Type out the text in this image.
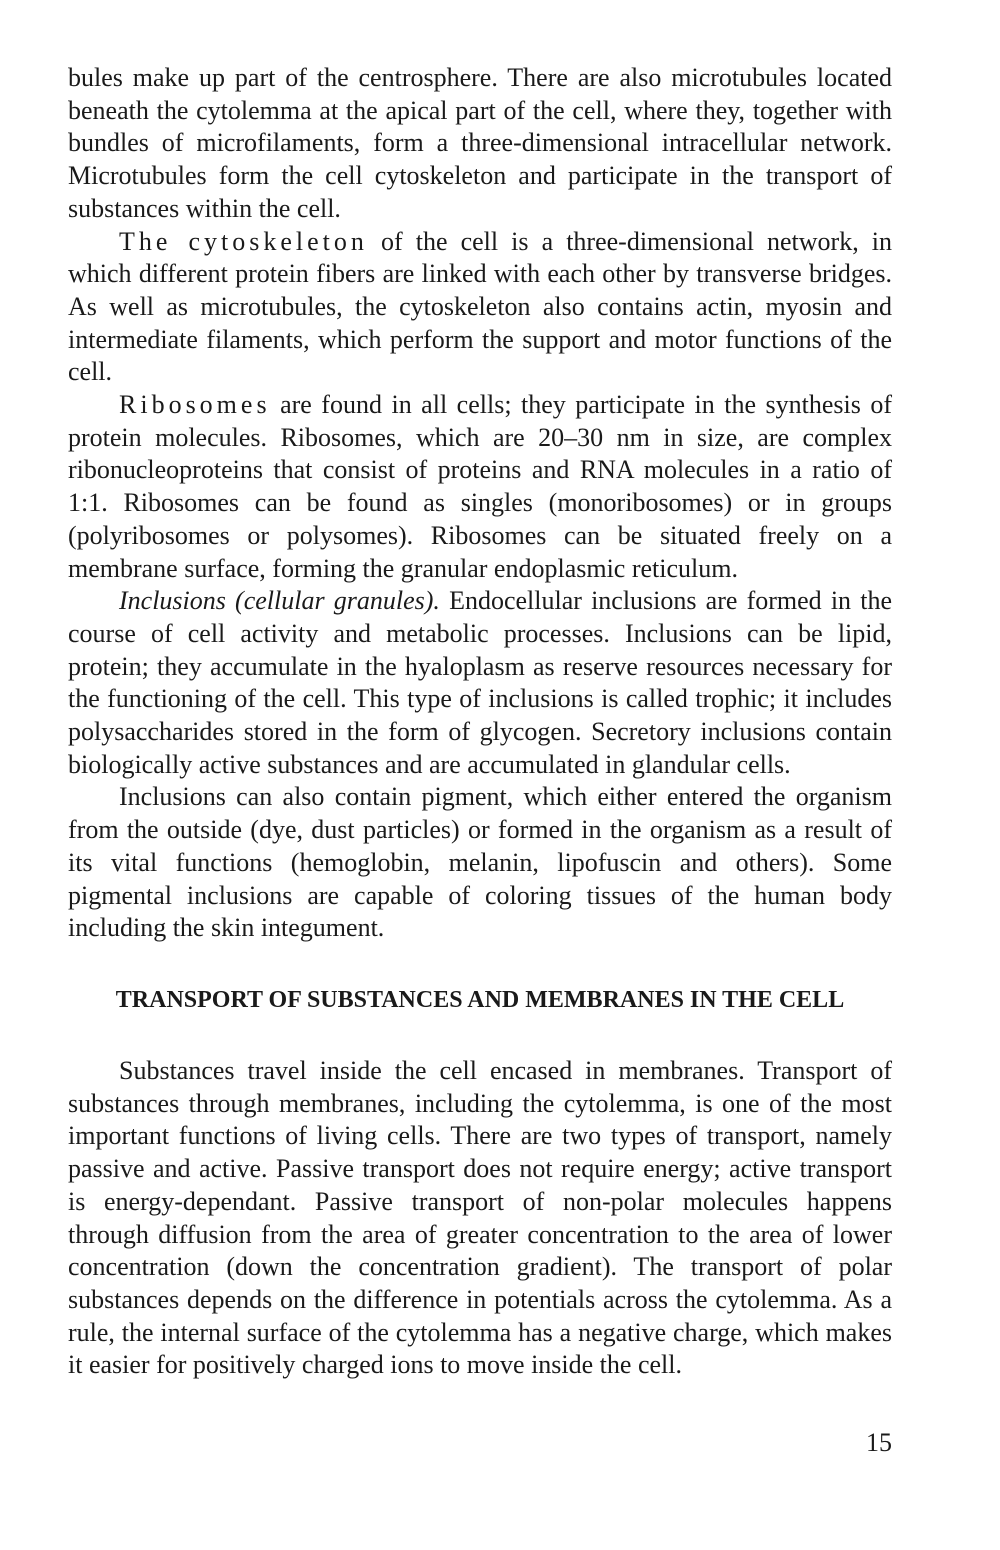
bules make up part of the centrosphere. There are also microtubules located beneath the cytolemma at the apical part of the cell, where they, together with bundles of microfilaments, form a three-dimensional intracellular network. Microtubules form the cell cytoskeleton and participate in the transport of substances within the cell.

The cytoskeleton of the cell is a three-dimensional network, in which different protein fibers are linked with each other by transverse bridges. As well as microtubules, the cytoskeleton also contains actin, myosin and intermediate filaments, which perform the support and motor functions of the cell.

Ribosomes are found in all cells; they participate in the synthesis of protein molecules. Ribosomes, which are 20–30 nm in size, are complex ribonucleoproteins that consist of proteins and RNA molecules in a ratio of 1:1. Ribosomes can be found as singles (monoribosomes) or in groups (polyribosomes or polysomes). Ribosomes can be situated freely on a membrane surface, forming the granular endoplasmic reticulum.

Inclusions (cellular granules). Endocellular inclusions are formed in the course of cell activity and metabolic processes. Inclusions can be lipid, protein; they accumulate in the hyaloplasm as reserve resources necessary for the functioning of the cell. This type of inclusions is called trophic; it includes polysaccharides stored in the form of glycogen. Secretory inclusions contain biologically active substances and are accumulated in glandular cells.

Inclusions can also contain pigment, which either entered the organism from the outside (dye, dust particles) or formed in the organism as a result of its vital functions (hemoglobin, melanin, lipofuscin and others). Some pigmental inclusions are capable of coloring tissues of the human body including the skin integument.

TRANSPORT OF SUBSTANCES AND MEMBRANES IN THE CELL

Substances travel inside the cell encased in membranes. Transport of substances through membranes, including the cytolemma, is one of the most important functions of living cells. There are two types of transport, namely passive and active. Passive transport does not require energy; active transport is energy-dependant. Passive transport of non-polar molecules happens through diffusion from the area of greater concentration to the area of lower concentration (down the concentration gradient). The transport of polar substances depends on the difference in potentials across the cytolemma. As a rule, the internal surface of the cytolemma has a negative charge, which makes it easier for positively charged ions to move inside the cell.

15
